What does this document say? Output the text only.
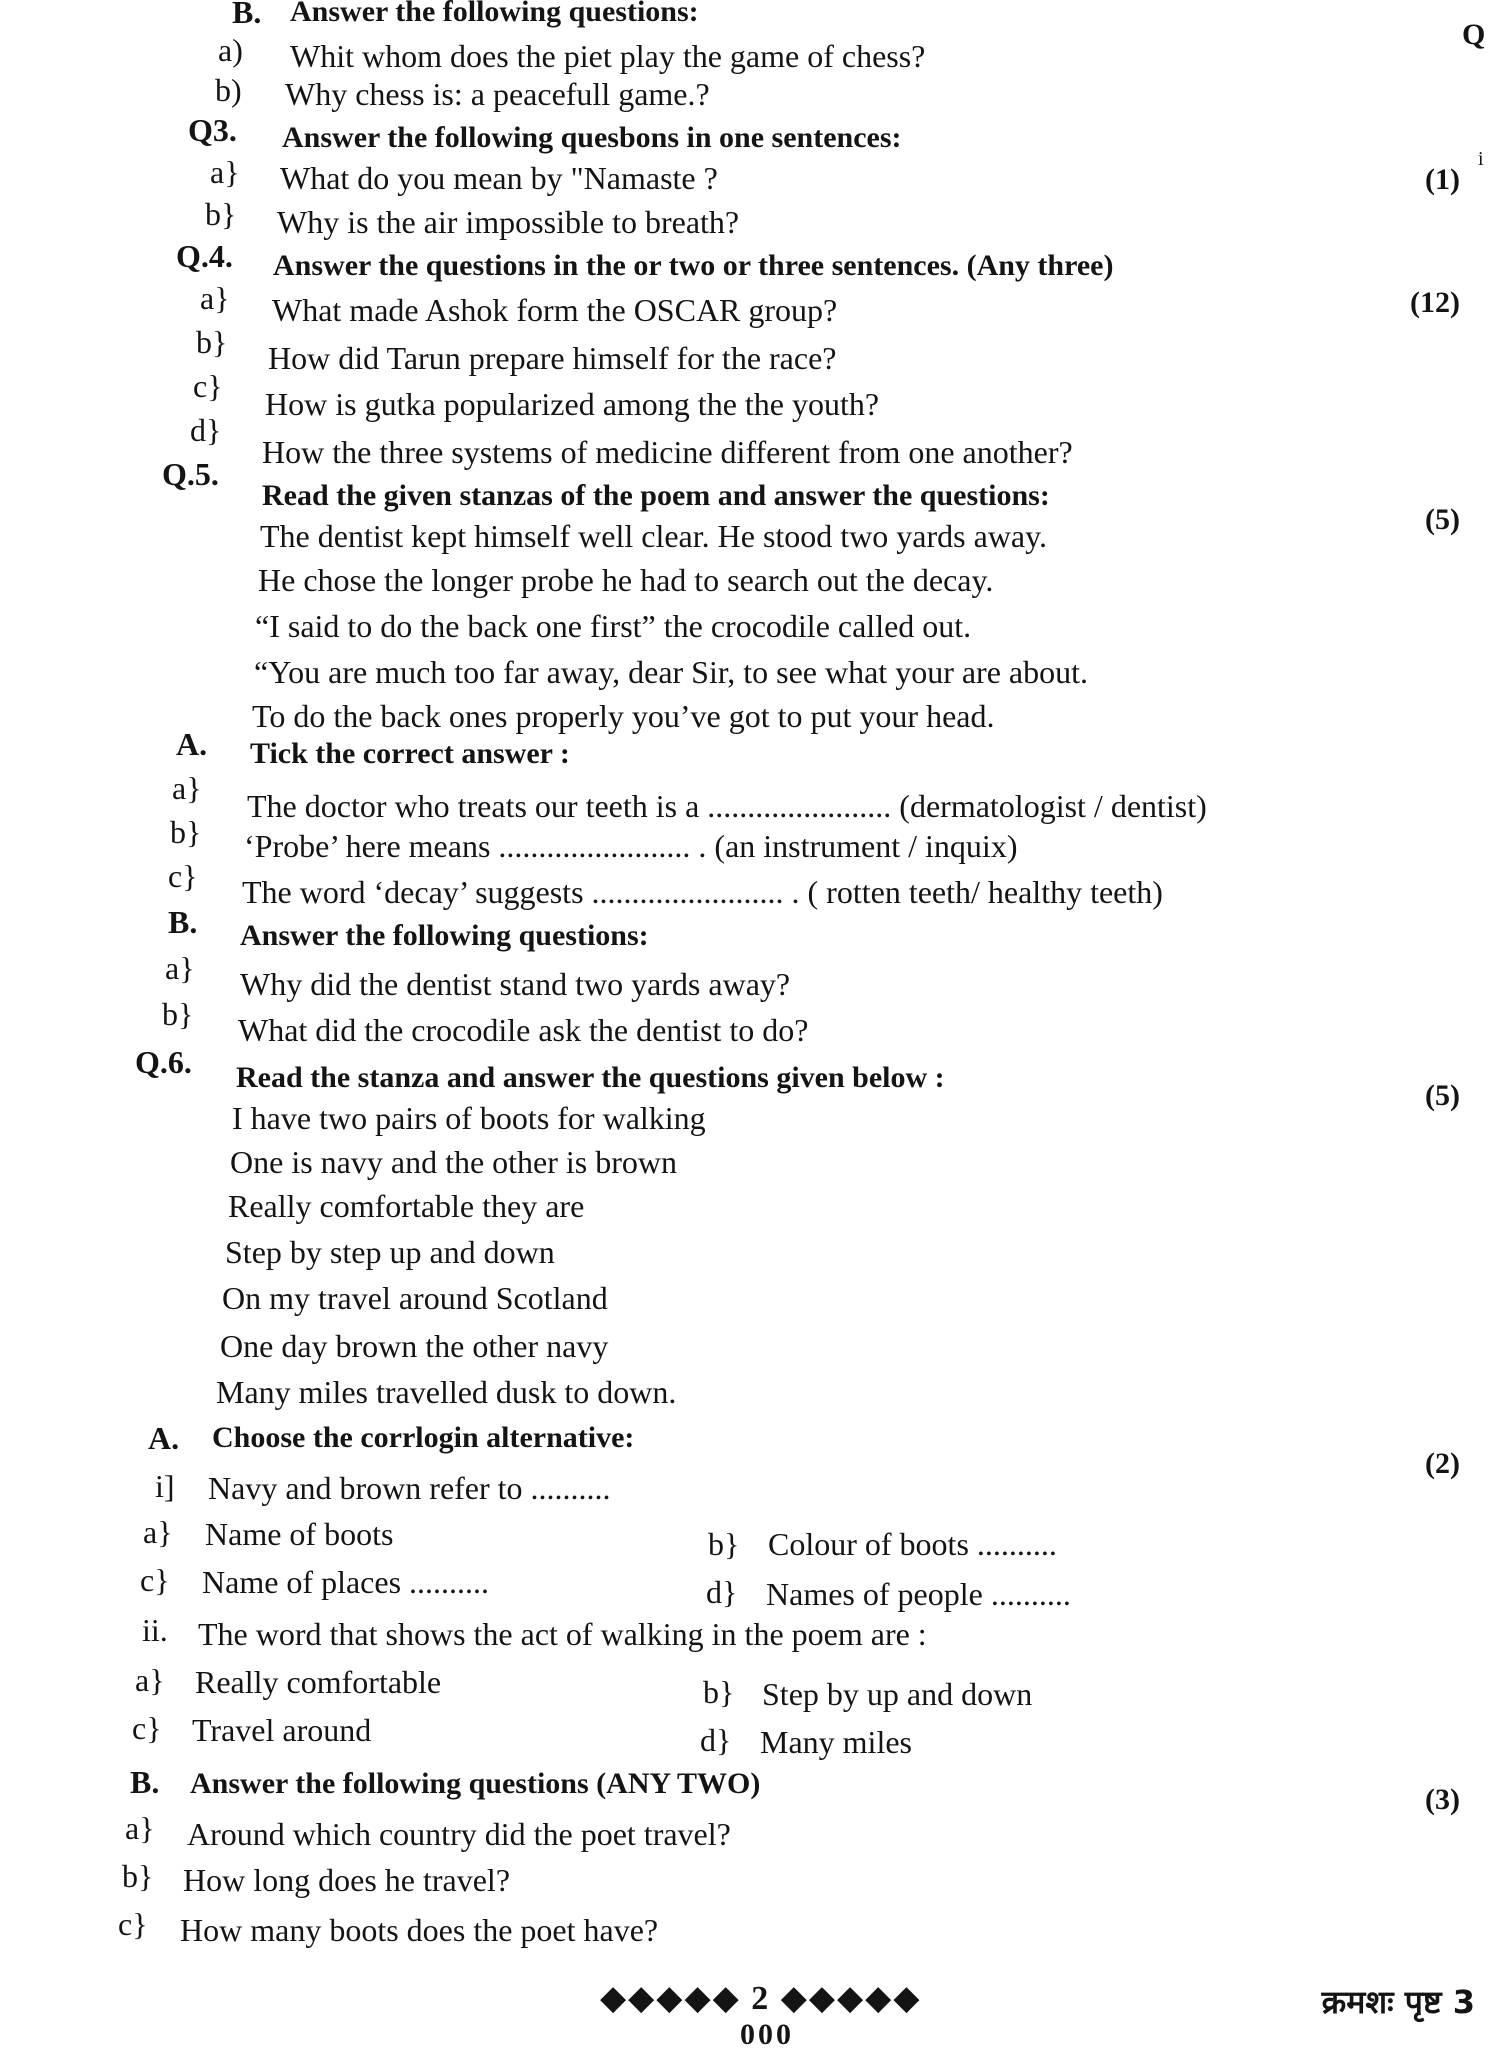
B. Answer the following questions:
Q
i
a) Whit whom does the piet play the game of chess?
b) Why chess is: a peacefull game.?
Q3. Answer the following quesbons in one sentences:
(1)
a} What do you mean by "Namaste ?
b} Why is the air impossible to breath?
Q.4. Answer the questions in the or two or three sentences. (Any three)
(12)
a} What made Ashok form the OSCAR group?
b} How did Tarun prepare himself for the race?
c} How is gutka popularized among the the youth?
d}
How the three systems of medicine different from one another?
Q.5.
Read the given stanzas of the poem and answer the questions:
(5)
The dentist kept himself well clear. He stood two yards away.
He chose the longer probe he had to search out the decay.
“I said to do the back one first” the crocodile called out.
“You are much too far away, dear Sir, to see what your are about.
To do the back ones properly you’ve got to put your head.
A. Tick the correct answer :
a} The doctor who treats our teeth is a ....................... (dermatologist / dentist)
b} ‘Probe’ here means ........................ . (an instrument / inquix)
c} The word ‘decay’ suggests ........................ . ( rotten teeth/ healthy teeth)
B. Answer the following questions:
a} Why did the dentist stand two yards away?
b} What did the crocodile ask the dentist to do?
Q.6. Read the stanza and answer the questions given below :
(5)
I have two pairs of boots for walking
One is navy and the other is brown
Really comfortable they are
Step by step up and down
On my travel around Scotland
One day brown the other navy
Many miles travelled dusk to down.
A. Choose the corrlogin alternative:
(2)
i] Navy and brown refer to ..........
a} Name of boots	b} Colour of boots ..........
c} Name of places ..........	d} Names of people ..........
ii. The word that shows the act of walking in the poem are :
a} Really comfortable	b} Step by up and down
c} Travel around	d} Many miles
B. Answer the following questions (ANY TWO)	(3)
a} Around which country did the poet travel?
b} How long does he travel?
c} How many boots does the poet have?
◆◆◆◆◆ 2 ◆◆◆◆◆	क्रमशः पृष्ट 3
000
